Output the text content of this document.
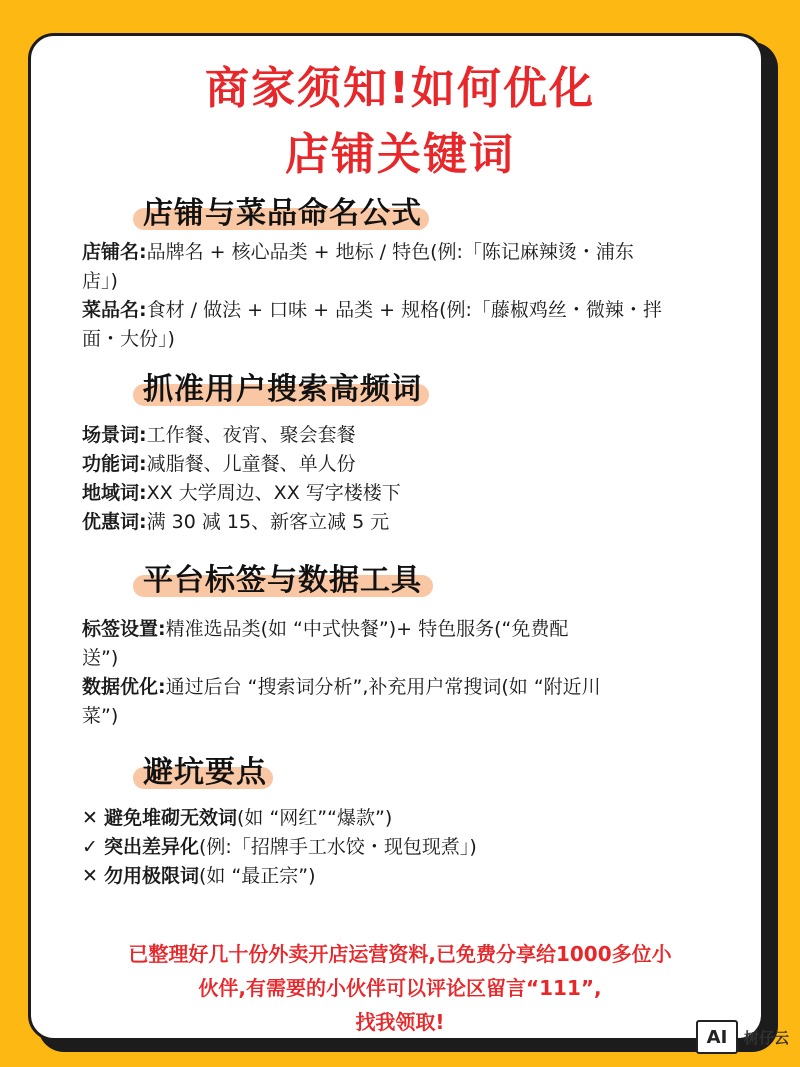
商家须知!如何优化
店铺关键词
店铺与菜品命名公式
店铺名:品牌名 + 核心品类 + 地标 / 特色(例:「陈记麻辣烫・浦东
店」)
菜品名:食材 / 做法 + 口味 + 品类 + 规格(例:「藤椒鸡丝・微辣・拌
面・大份」)
抓准用户搜索高频词
场景词:工作餐、夜宵、聚会套餐
功能词:减脂餐、儿童餐、单人份
地域词:XX 大学周边、XX 写字楼楼下
优惠词:满 30 减 15、新客立减 5 元
平台标签与数据工具
标签设置:精准选品类(如 “中式快餐”)+ 特色服务(“免费配
送”)
数据优化:通过后台 “搜索词分析”,补充用户常搜词(如 “附近川
菜”)
避坑要点
✕ 避免堆砌无效词(如 “网红”“爆款”)
✓ 突出差异化(例:「招牌手工水饺・现包现煮」)
✕ 勿用极限词(如 “最正宗”)
已整理好几十份外卖开店运营资料,已免费分享给1000多位小
伙伴,有需要的小伙伴可以评论区留言“111”,
找我领取!
AI	树仔云
